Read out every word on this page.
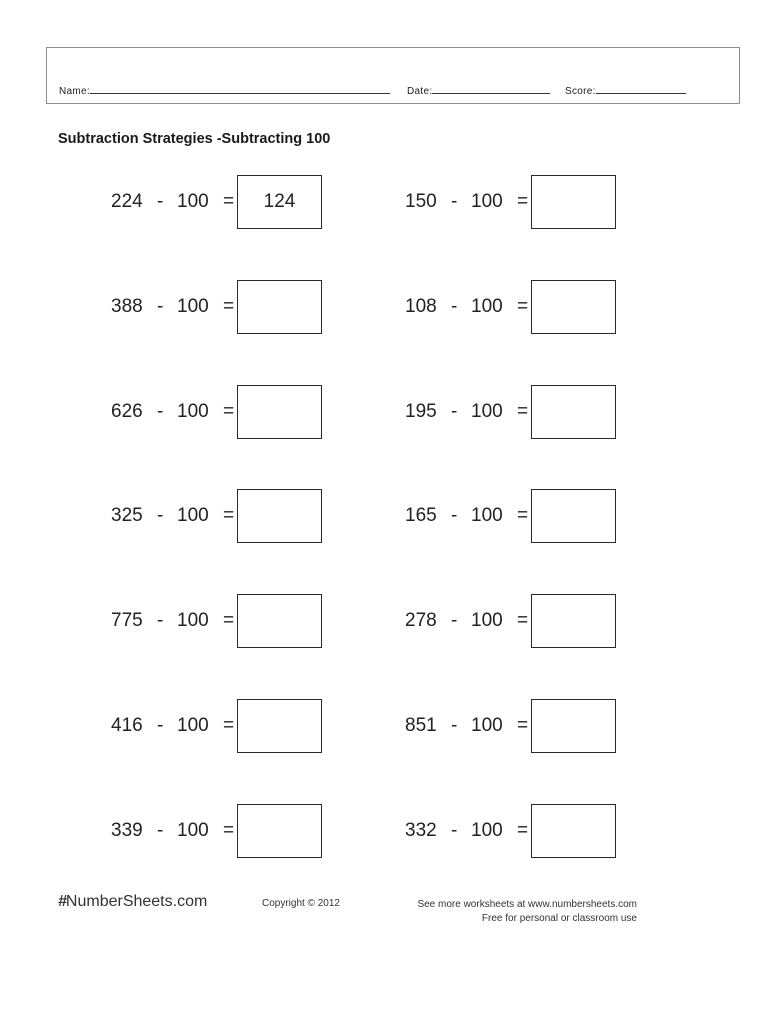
Name:	Date:	Score:
Subtraction Strategies -Subtracting 100
224 - 100 =	124	150 - 100 =
388 - 100 =	108 - 100 =
626 - 100 =	195 - 100 =
325 - 100 =	165 - 100 =
775 - 100 =	278 - 100 =
416 - 100 =	851 - 100 =
339 - 100 =	332 - 100 =
#NumberSheets.com	Copyright © 2012	See more worksheets at www.numbersheets.com
Free for personal or classroom use
